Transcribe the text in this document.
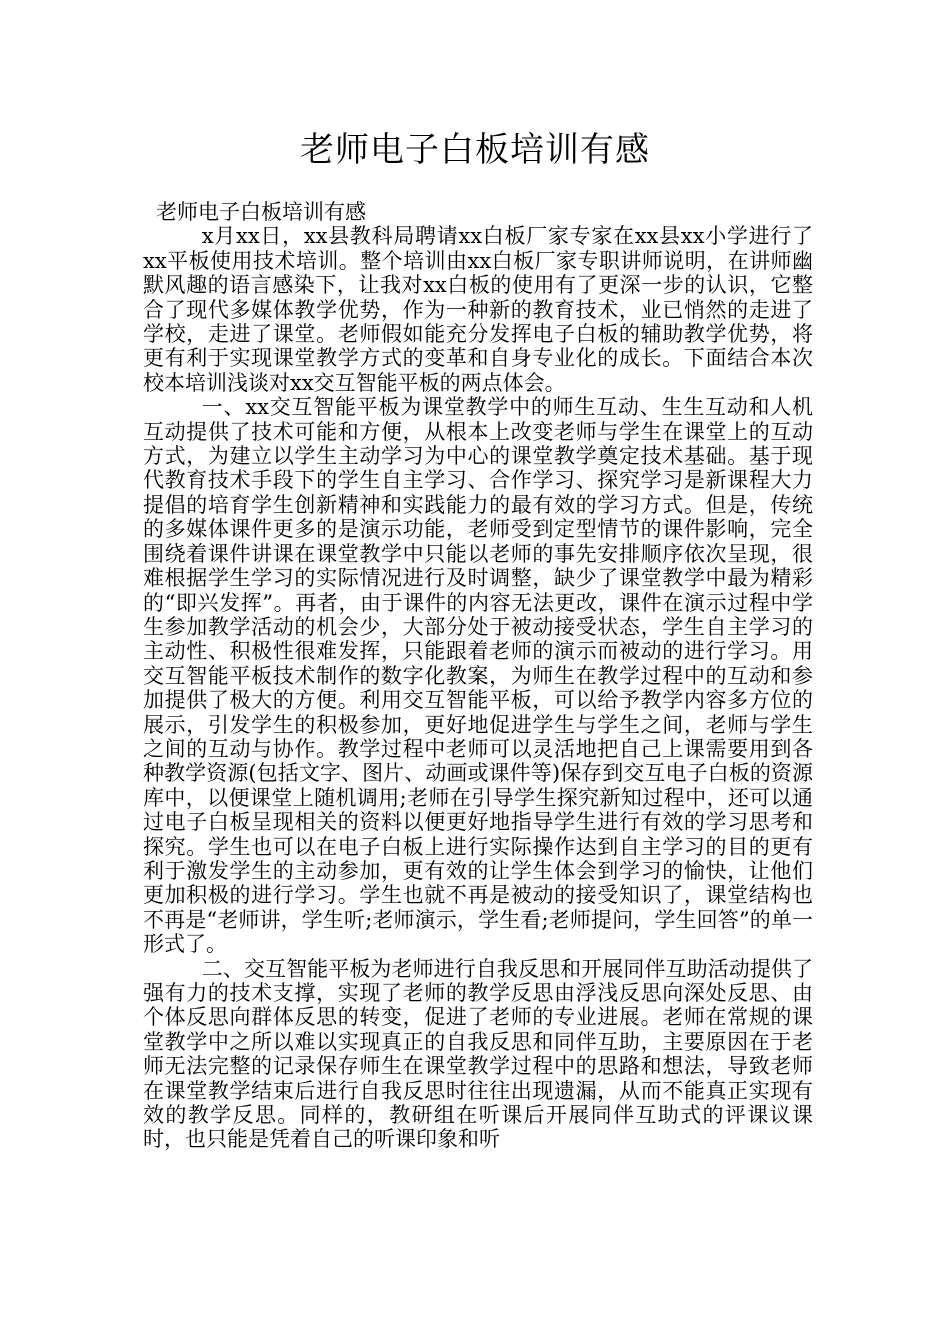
老师电子白板培训有感

老师电子白板培训有感

x月xx日，xx县教科局聘请xx白板厂家专家在xx县xx小学进行了xx平板使用技术培训。整个培训由xx白板厂家专职讲师说明，在讲师幽默风趣的语言感染下，让我对xx白板的使用有了更深一步的认识，它整合了现代多媒体教学优势，作为一种新的教育技术，业已悄然的走进了学校，走进了课堂。老师假如能充分发挥电子白板的辅助教学优势，将更有利于实现课堂教学方式的变革和自身专业化的成长。下面结合本次校本培训浅谈对xx交互智能平板的两点体会。

一、xx交互智能平板为课堂教学中的师生互动、生生互动和人机互动提供了技术可能和方便，从根本上改变老师与学生在课堂上的互动方式，为建立以学生主动学习为中心的课堂教学奠定技术基础。基于现代教育技术手段下的学生自主学习、合作学习、探究学习是新课程大力提倡的培育学生创新精神和实践能力的最有效的学习方式。但是，传统的多媒体课件更多的是演示功能，老师受到定型情节的课件影响，完全围绕着课件讲课在课堂教学中只能以老师的事先安排顺序依次呈现，很难根据学生学习的实际情况进行及时调整，缺少了课堂教学中最为精彩的“即兴发挥”。再者，由于课件的内容无法更改，课件在演示过程中学生参加教学活动的机会少，大部分处于被动接受状态，学生自主学习的主动性、积极性很难发挥，只能跟着老师的演示而被动的进行学习。用交互智能平板技术制作的数字化教案，为师生在教学过程中的互动和参加提供了极大的方便。利用交互智能平板，可以给予教学内容多方位的展示，引发学生的积极参加，更好地促进学生与学生之间，老师与学生之间的互动与协作。教学过程中老师可以灵活地把自己上课需要用到各种教学资源(包括文字、图片、动画或课件等)保存到交互电子白板的资源库中，以便课堂上随机调用;老师在引导学生探究新知过程中，还可以通过电子白板呈现相关的资料以便更好地指导学生进行有效的学习思考和探究。学生也可以在电子白板上进行实际操作达到自主学习的目的更有利于激发学生的主动参加，更有效的让学生体会到学习的愉快，让他们更加积极的进行学习。学生也就不再是被动的接受知识了，课堂结构也不再是“老师讲，学生听;老师演示，学生看;老师提问，学生回答”的单一形式了。

二、交互智能平板为老师进行自我反思和开展同伴互助活动提供了强有力的技术支撑，实现了老师的教学反思由浮浅反思向深处反思、由个体反思向群体反思的转变，促进了老师的专业进展。老师在常规的课堂教学中之所以难以实现真正的自我反思和同伴互助，主要原因在于老师无法完整的记录保存师生在课堂教学过程中的思路和想法，导致老师在课堂教学结束后进行自我反思时往往出现遗漏，从而不能真正实现有效的教学反思。同样的，教研组在听课后开展同伴互助式的评课议课时，也只能是凭着自己的听课印象和听
